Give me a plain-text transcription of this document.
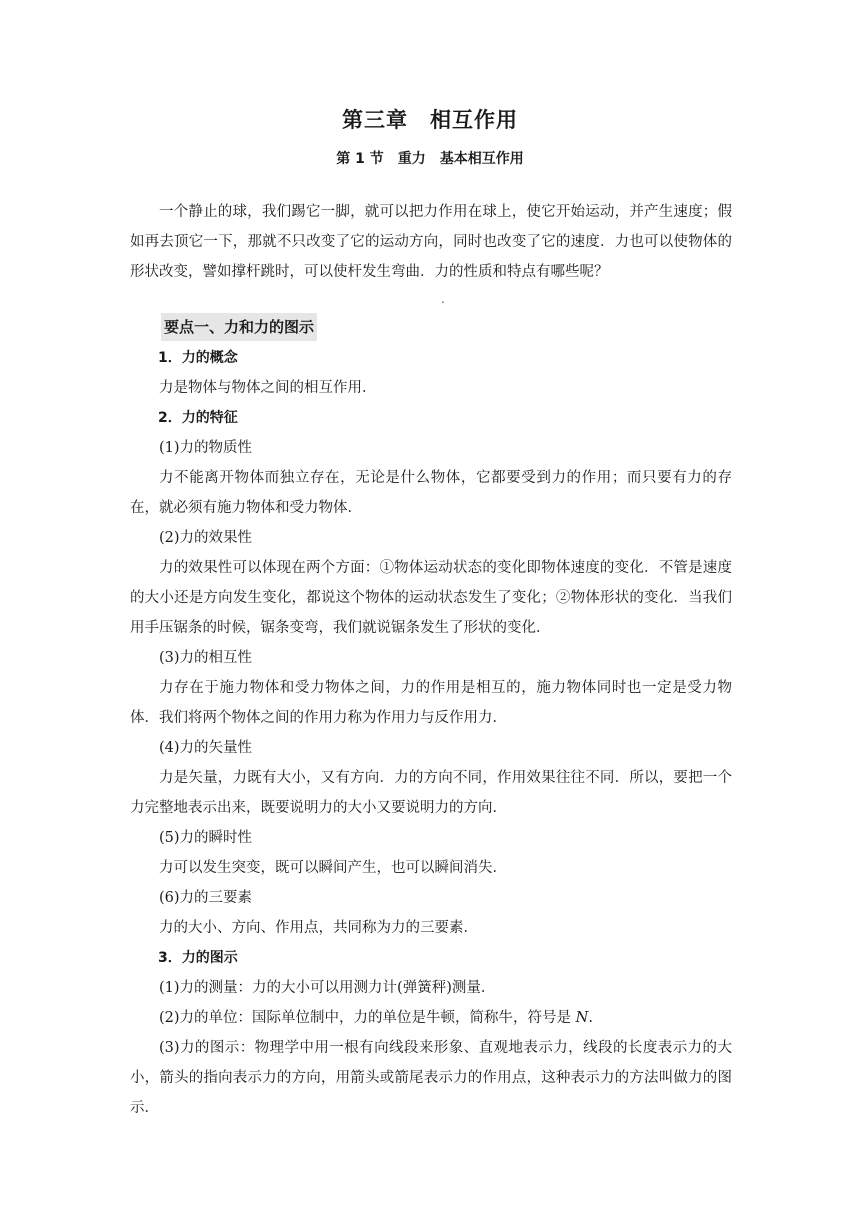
第三章　相互作用
第 1 节　重力　基本相互作用

一个静止的球，我们踢它一脚，就可以把力作用在球上，使它开始运动，并产生速度；假如再去顶它一下，那就不只改变了它的运动方向，同时也改变了它的速度．力也可以使物体的形状改变，譬如撑杆跳时，可以使杆发生弯曲．力的性质和特点有哪些呢？

.
要点一、力和力的图示

1．力的概念

力是物体与物体之间的相互作用．

2．力的特征

(1)力的物质性

力不能离开物体而独立存在，无论是什么物体，它都要受到力的作用；而只要有力的存在，就必须有施力物体和受力物体．

(2)力的效果性

力的效果性可以体现在两个方面：①物体运动状态的变化即物体速度的变化．不管是速度的大小还是方向发生变化，都说这个物体的运动状态发生了变化；②物体形状的变化．当我们用手压锯条的时候，锯条变弯，我们就说锯条发生了形状的变化．

(3)力的相互性

力存在于施力物体和受力物体之间，力的作用是相互的，施力物体同时也一定是受力物体．我们将两个物体之间的作用力称为作用力与反作用力．

(4)力的矢量性

力是矢量，力既有大小，又有方向．力的方向不同，作用效果往往不同．所以，要把一个力完整地表示出来，既要说明力的大小又要说明力的方向．

(5)力的瞬时性

力可以发生突变，既可以瞬间产生，也可以瞬间消失．

(6)力的三要素

力的大小、方向、作用点，共同称为力的三要素．

3．力的图示

(1)力的测量：力的大小可以用测力计(弹簧秤)测量．

(2)力的单位：国际单位制中，力的单位是牛顿，简称牛，符号是 N.

(3)力的图示：物理学中用一根有向线段来形象、直观地表示力，线段的长度表示力的大小，箭头的指向表示力的方向，用箭头或箭尾表示力的作用点，这种表示力的方法叫做力的图示．
